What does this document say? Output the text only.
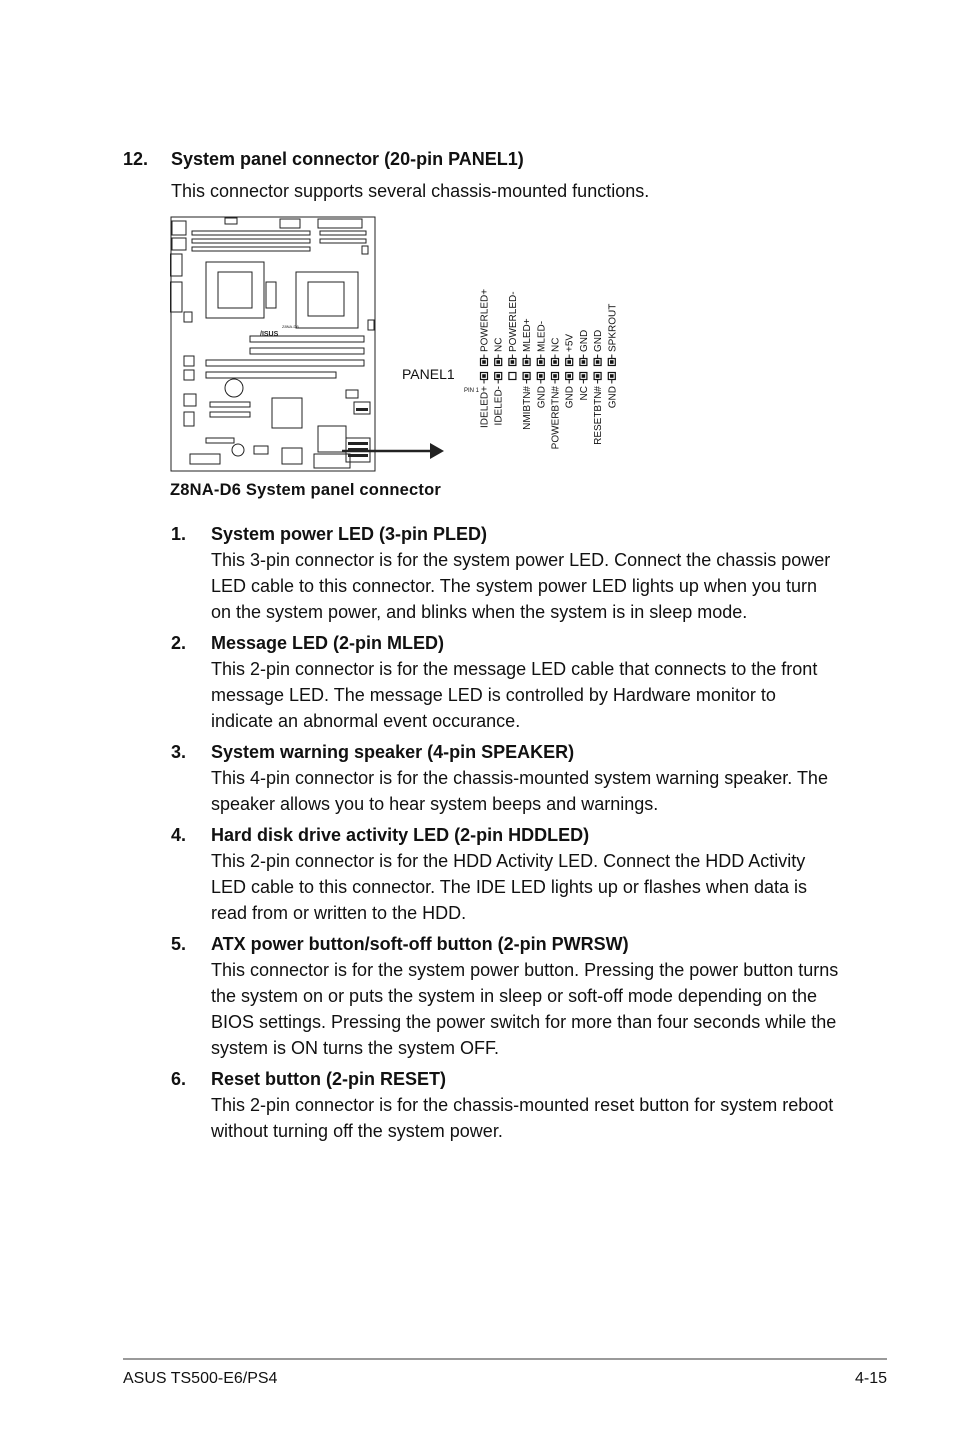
12. System panel connector (20-pin PANEL1)
This connector supports several chassis-mounted functions.
/ISUS
Z8NA-D6	POWERLED+ NC POWERLED- MLED+ MLED- NC +5V GND GND SPKROUT
IDELED+ IDELED- NMIBTN# GND POWERBTN# GND NC RESETBTN# GND
PANEL1
PIN 1
Z8NA-D6 System panel connector
1. System power LED (3-pin PLED)
This 3-pin connector is for the system power LED. Connect the chassis power LED cable to this connector. The system power LED lights up when you turn on the system power, and blinks when the system is in sleep mode.
2. Message LED (2-pin MLED)
This 2-pin connector is for the message LED cable that connects to the front message LED. The message LED is controlled by Hardware monitor to indicate an abnormal event occurance.
3. System warning speaker (4-pin SPEAKER)
This 4-pin connector is for the chassis-mounted system warning speaker. The speaker allows you to hear system beeps and warnings.
4. Hard disk drive activity LED (2-pin HDDLED)
This 2-pin connector is for the HDD Activity LED. Connect the HDD Activity LED cable to this connector. The IDE LED lights up or flashes when data is read from or written to the HDD.
5. ATX power button/soft-off button (2-pin PWRSW)
This connector is for the system power button. Pressing the power button turns the system on or puts the system in sleep or soft-off mode depending on the BIOS settings. Pressing the power switch for more than four seconds while the system is ON turns the system OFF.
6. Reset button (2-pin RESET)
This 2-pin connector is for the chassis-mounted reset button for system reboot without turning off the system power.
ASUS TS500-E6/PS4	4-15
